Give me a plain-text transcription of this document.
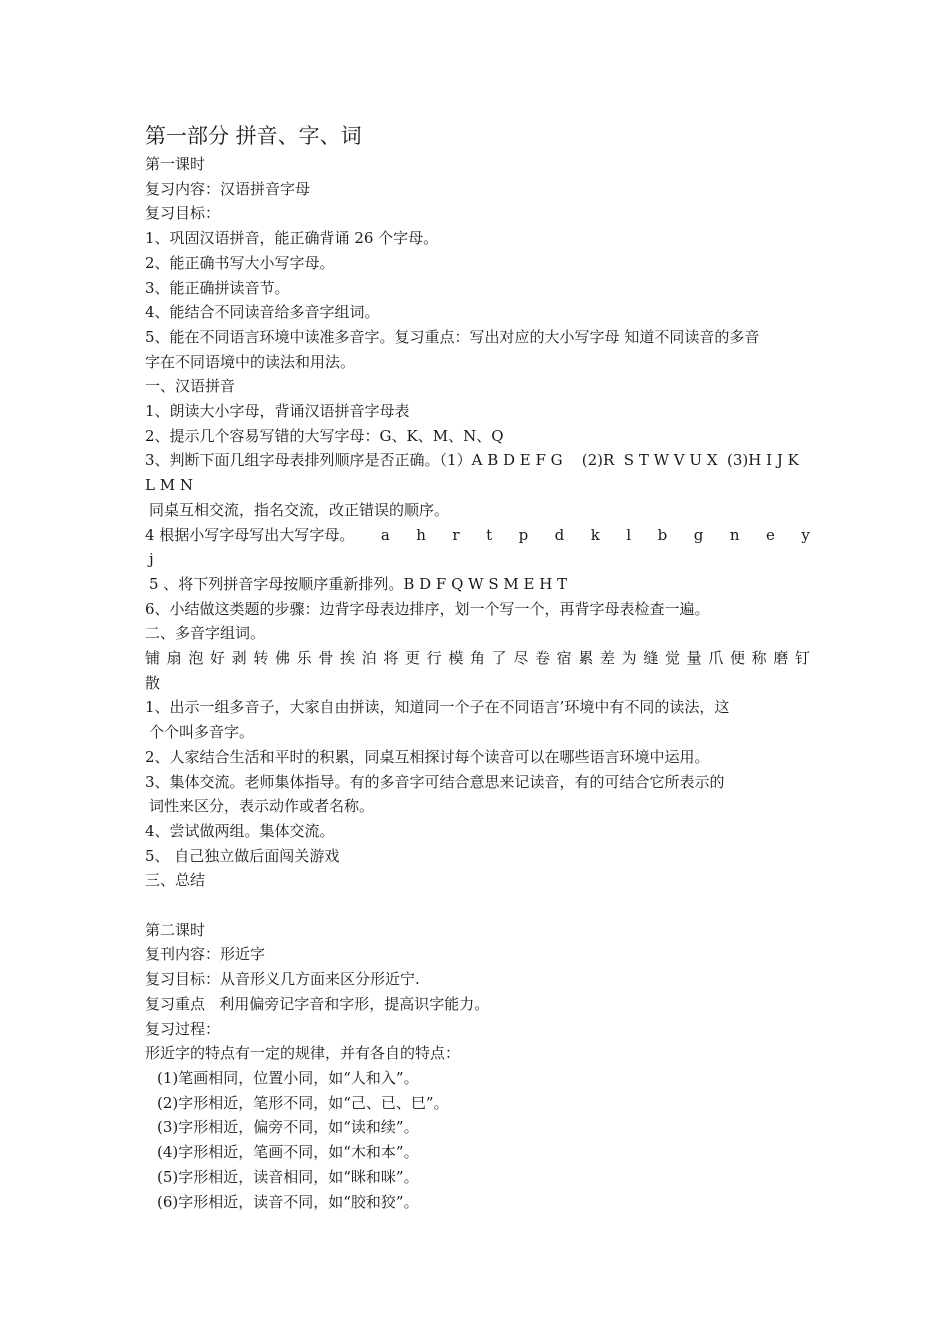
第一部分 拼音、字、词
第一课时
复习内容：汉语拼音字母
复习目标：
1、巩固汉语拼音，能正确背诵 26 个字母。
2、能正确书写大小写字母。
3、能正确拼读音节。
4、能结合不同读音给多音字组词。
5、能在不同语言环境中读准多音字。复习重点：写出对应的大小写字母 知道不同读音的多音
字在不同语境中的读法和用法。
一、汉语拼音
1、朗读大小字母，背诵汉语拼音字母表
2、提示几个容易写错的大写字母：G、K、M、N、Q
3、判断下面几组字母表排列顺序是否正确。（1）A B D E F G    (2)R  S T W V U X  (3)H I J K
L M N
同桌互相交流，指名交流，改正错误的顺序。
4 根据小写字母写出大写字母。 a h r t p d k l b g n e y
j
5 、将下列拼音字母按顺序重新排列。B D F Q W S M E H T
6、小结做这类题的步骤：边背字母表边排序，划一个写一个，再背字母表检查一遍。
二、多音字组词。
铺 扇 泡 好 剥 转 佛 乐 骨 挨 泊 将 更 行 模 角 了 尽 卷 宿 累 差 为 缝 觉 量 爪 便 称 磨 钉
散
1、出示一组多音子，大家自由拼读，知道同一个子在不同语言’环境中有不同的读法，这
个个叫多音字。
2、人家结合生活和平时的积累，同桌互相探讨每个读音可以在哪些语言环境中运用。
3、集体交流。老师集体指导。有的多音字可结合意思来记读音，有的可结合它所表示的
词性来区分，表示动作或者名称。
4、尝试做两组。集体交流。
5、 自己独立做后面闯关游戏
三、总结
第二课时
复刊内容：形近字
复习目标：从音形义几方面来区分形近宁.
复习重点   利用偏旁记字音和字形，提高识字能力。
复习过程：
形近字的特点有一定的规律，并有各自的特点：
(1)笔画相同，位置小同，如“人和入”。
(2)字形相近，笔形不同，如“己、已、巳”。
(3)字形相近，偏旁不同，如“读和续”。
(4)字形相近，笔画不同，如“木和本”。
(5)字形相近，读音相同，如“眯和咪”。
(6)字形相近，读音不同，如“胶和狡”。
